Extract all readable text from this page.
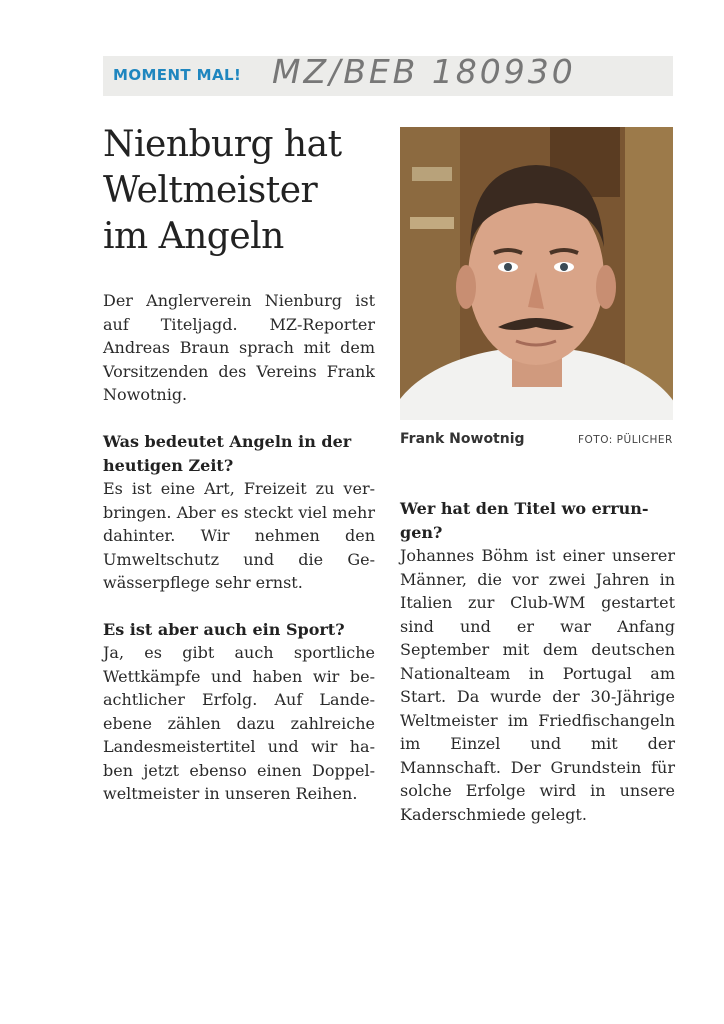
MOMENT MAL! MZ/BEB 180930
Nienburg hat
Weltmeister
im Angeln
Der Anglerverein Nienburg ist auf Titeljagd. MZ-Reporter Andreas Braun sprach mit dem Vorsitzenden des Vereins Frank Nowotnig.
Frank Nowotnig	FOTO: PÜLICHER
Was bedeutet Angeln in der heutigen Zeit?
Es ist eine Art, Freizeit zu verbringen. Aber es steckt viel mehr dahinter. Wir nehmen den Umweltschutz und die Gewässerpflege sehr ernst.
Es ist aber auch ein Sport?
Ja, es gibt auch sportliche Wettkämpfe und haben wir beachtlicher Erfolg. Auf Landeebene zählen dazu zahlreiche Landesmeistertitel und wir haben jetzt ebenso einen Doppelweltmeister in unseren Reihen.
Wer hat den Titel wo errungen?
Johannes Böhm ist einer unserer Männer, die vor zwei Jahren in Italien zur Club-WM gestartet sind und er war Anfang September mit dem deutschen Nationalteam in Portugal am Start. Da wurde der 30-Jährige Weltmeister im Friedfischangeln im Einzel und mit der Mannschaft. Der Grundstein für solche Erfolge wird in unsere Kaderschmiede gelegt.
